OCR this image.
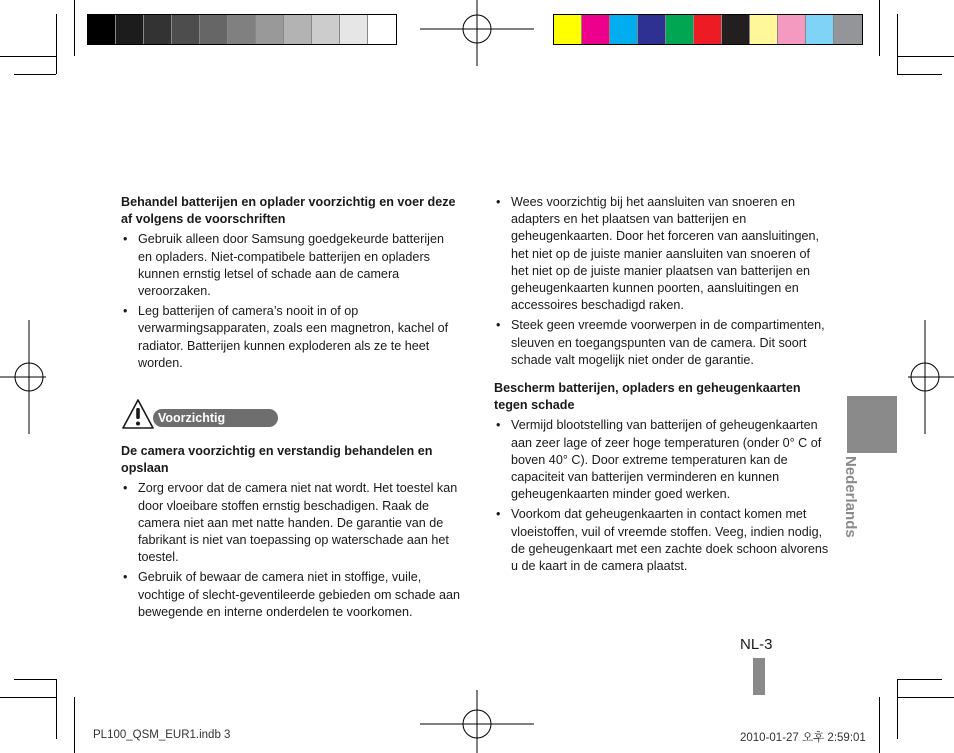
Behandel batterijen en oplader voorzichtig en voer deze af volgens de voorschriften

• Gebruik alleen door Samsung goedgekeurde batterijen en opladers. Niet-compatibele batterijen en opladers kunnen ernstig letsel of schade aan de camera veroorzaken.
• Leg batterijen of camera’s nooit in of op verwarmingsapparaten, zoals een magnetron, kachel of radiator. Batterijen kunnen exploderen als ze te heet worden.
Voorzichtig

De camera voorzichtig en verstandig behandelen en opslaan

• Zorg ervoor dat de camera niet nat wordt. Het toestel kan door vloeibare stoffen ernstig beschadigen. Raak de camera niet aan met natte handen. De garantie van de fabrikant is niet van toepassing op waterschade aan het toestel.
• Gebruik of bewaar de camera niet in stoffige, vuile, vochtige of slecht-geventileerde gebieden om schade aan bewegende en interne onderdelen te voorkomen.
• Wees voorzichtig bij het aansluiten van snoeren en adapters en het plaatsen van batterijen en geheugenkaarten. Door het forceren van aansluitingen, het niet op de juiste manier aansluiten van snoeren of het niet op de juiste manier plaatsen van batterijen en geheugenkaarten kunnen poorten, aansluitingen en accessoires beschadigd raken.
• Steek geen vreemde voorwerpen in de compartimenten, sleuven en toegangspunten van de camera. Dit soort schade valt mogelijk niet onder de garantie.

Bescherm batterijen, opladers en geheugenkaarten tegen schade

• Vermijd blootstelling van batterijen of geheugenkaarten aan zeer lage of zeer hoge temperaturen (onder 0° C of boven 40° C). Door extreme temperaturen kan de capaciteit van batterijen verminderen en kunnen geheugenkaarten minder goed werken.
• Voorkom dat geheugenkaarten in contact komen met vloeistoffen, vuil of vreemde stoffen. Veeg, indien nodig, de geheugenkaart met een zachte doek schoon alvorens u de kaart in de camera plaatst.
Nederlands
NL-3
PL100_QSM_EUR1.indb 3	2010-01-27 오후 2:59:01
